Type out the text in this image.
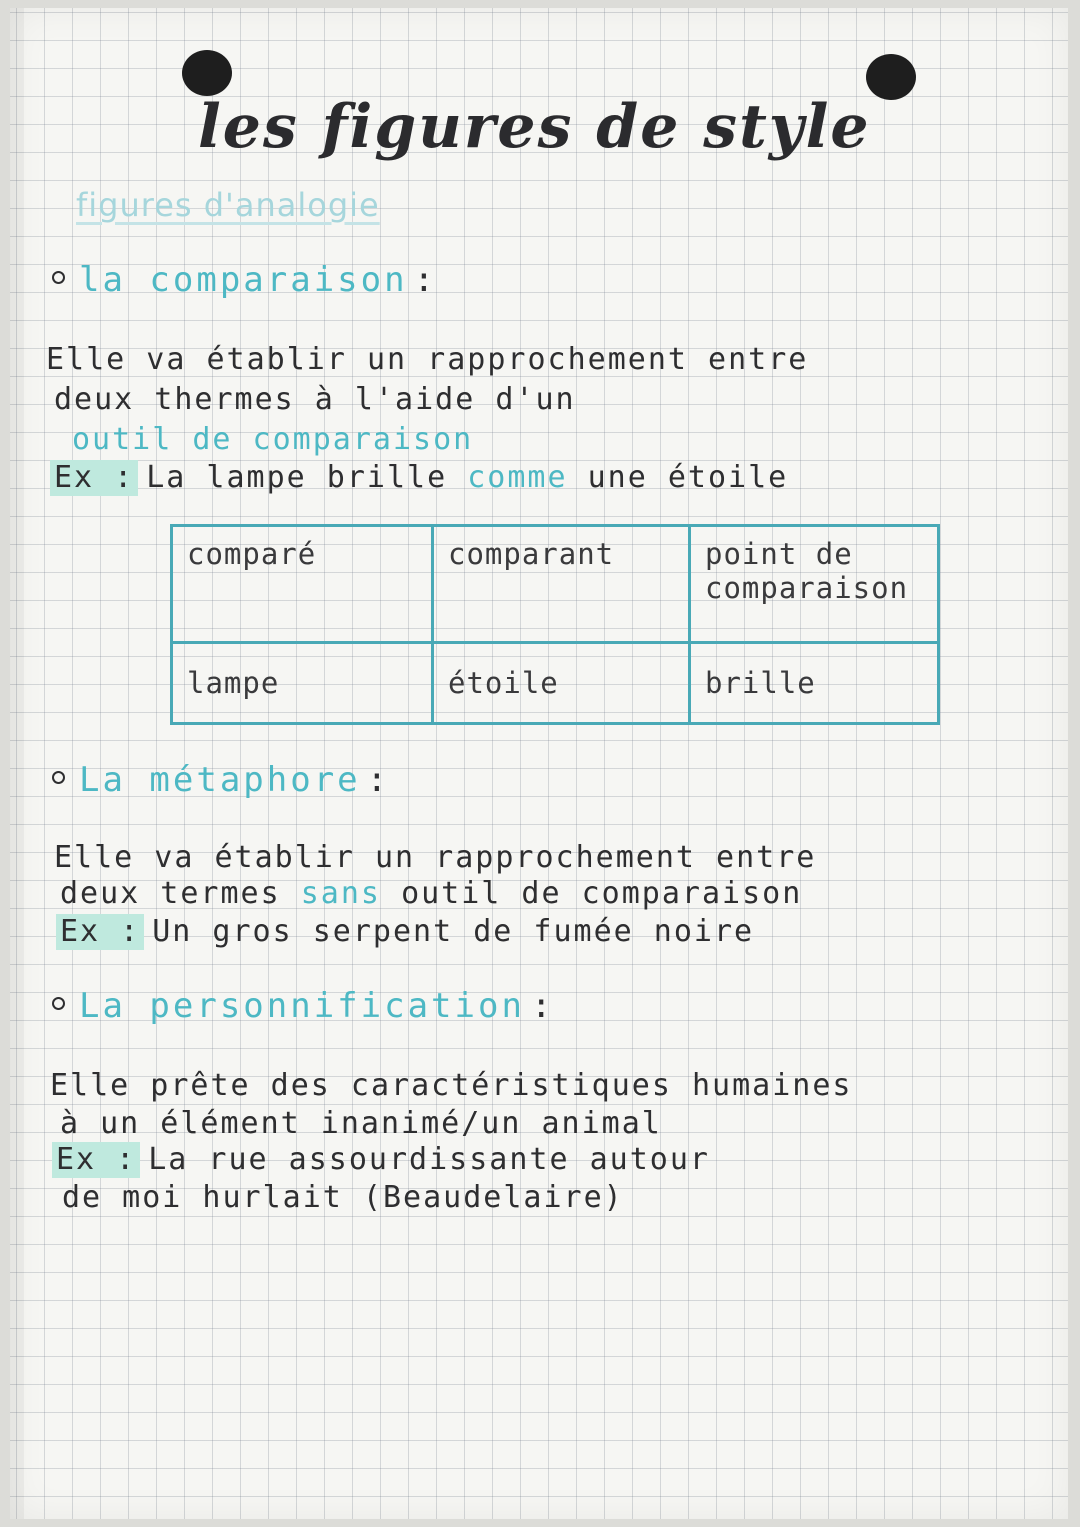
les figures de style
figures d'analogie
la comparaison :
Elle va établir un rapprochement entre
deux thermes à l'aide d'un
outil de comparaison
Ex : La lampe brille comme une étoile
comparé	comparant	point de comparaison
lampe	étoile	brille
La métaphore :
Elle va établir un rapprochement entre
deux termes sans outil de comparaison
Ex : Un gros serpent de fumée noire
La personnification :
Elle prête des caractéristiques humaines
à un élément inanimé/un animal
Ex : La rue assourdissante autour
de moi hurlait (Beaudelaire)
